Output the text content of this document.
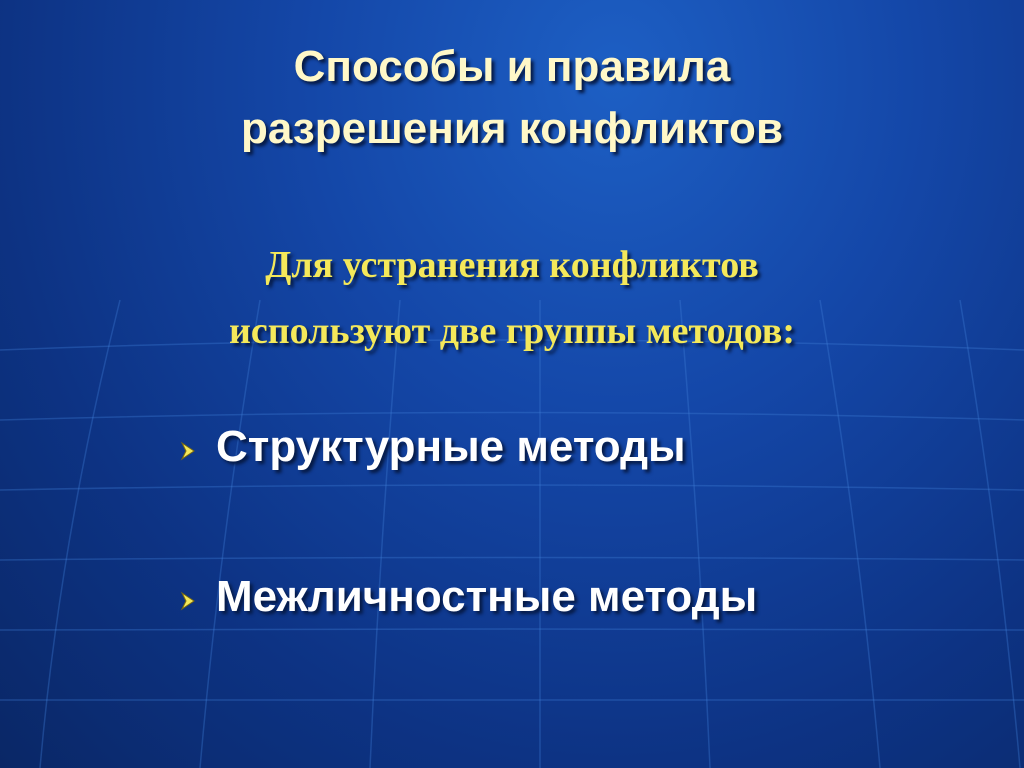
Способы и правила
разрешения конфликтов
Для устранения конфликтов
используют две группы методов:
Структурные методы
Межличностные методы
